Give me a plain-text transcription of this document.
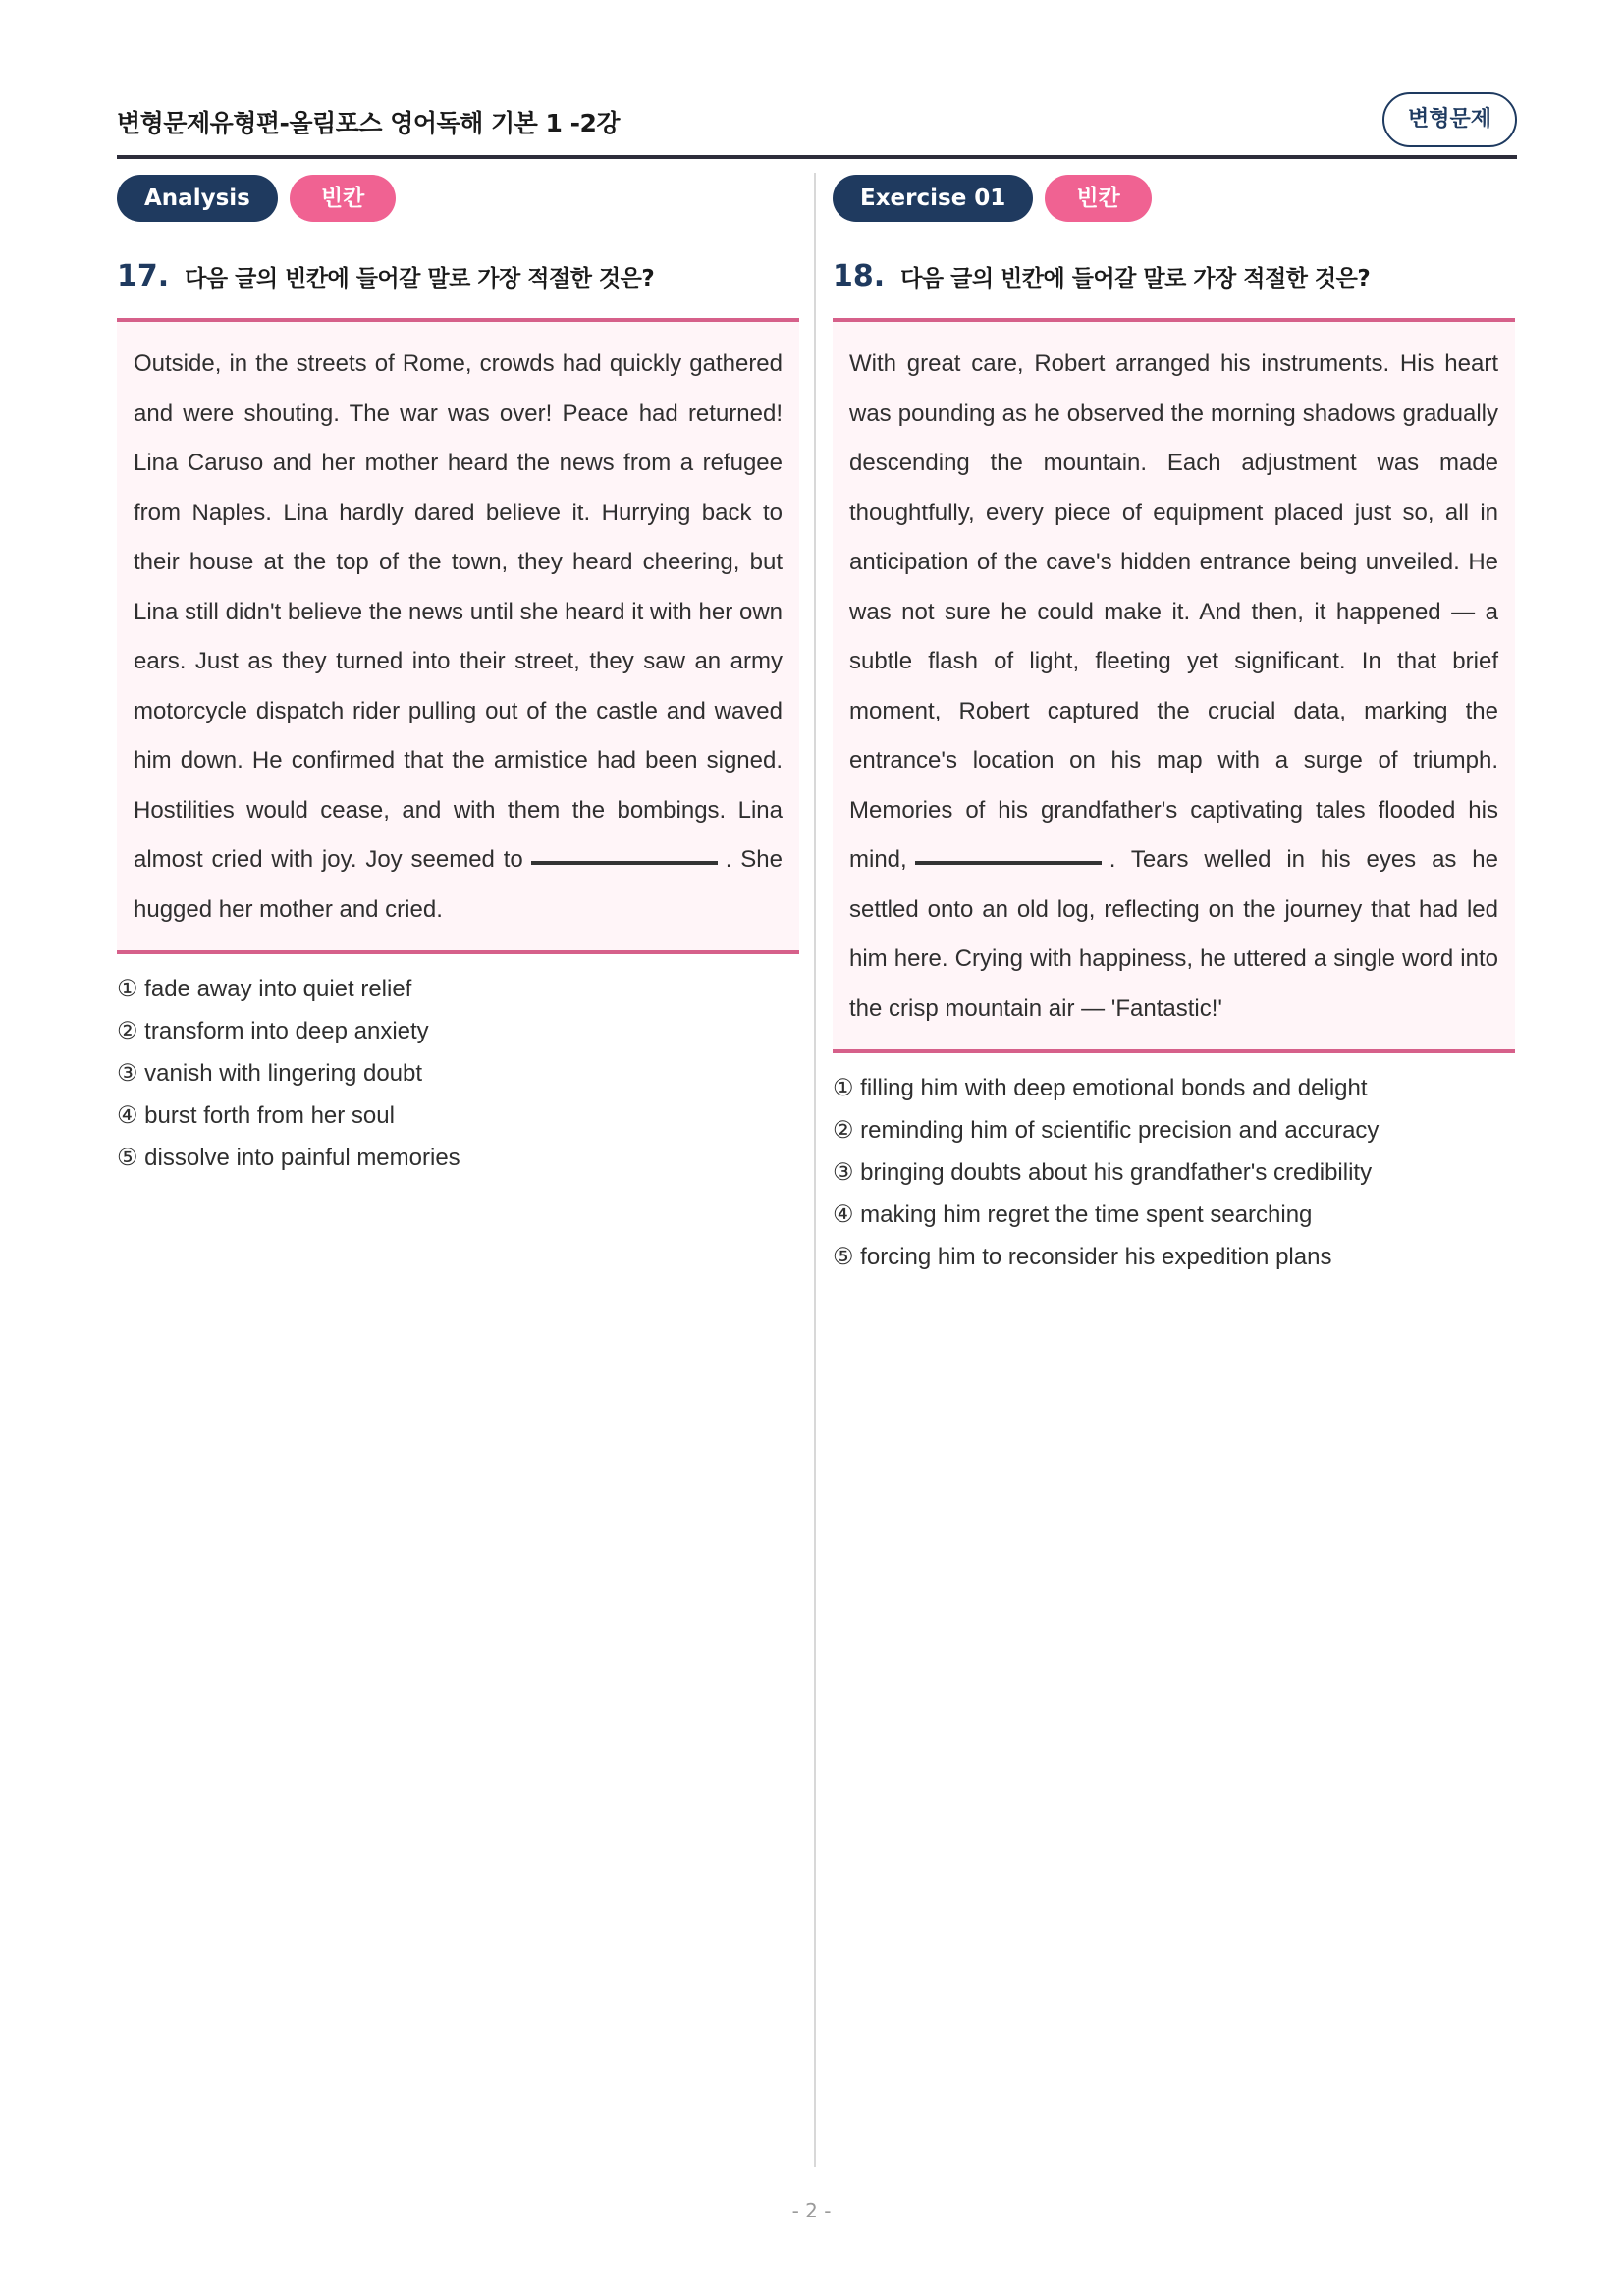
변형문제유형편-올림포스 영어독해 기본 1 -2강	변형문제
Analysis	빈칸
17. 다음 글의 빈칸에 들어갈 말로 가장 적절한 것은?

Outside, in the streets of Rome, crowds had quickly gathered and were shouting. The war was over! Peace had returned! Lina Caruso and her mother heard the news from a refugee from Naples. Lina hardly dared believe it. Hurrying back to their house at the top of the town, they heard cheering, but Lina still didn't believe the news until she heard it with her own ears. Just as they turned into their street, they saw an army motorcycle dispatch rider pulling out of the castle and waved him down. He confirmed that the armistice had been signed. Hostilities would cease, and with them the bombings. Lina almost cried with joy. Joy seemed to	. She hugged her mother and cried.

① fade away into quiet relief
② transform into deep anxiety
③ vanish with lingering doubt
④ burst forth from her soul
⑤ dissolve into painful memories
Exercise 01	빈칸
18. 다음 글의 빈칸에 들어갈 말로 가장 적절한 것은?

With great care, Robert arranged his instruments. His heart was pounding as he observed the morning shadows gradually descending the mountain. Each adjustment was made thoughtfully, every piece of equipment placed just so, all in anticipation of the cave's hidden entrance being unveiled. He was not sure he could make it. And then, it happened — a subtle flash of light, fleeting yet significant. In that brief moment, Robert captured the crucial data, marking the entrance's location on his map with a surge of triumph. Memories of his grandfather's captivating tales flooded his mind,	. Tears welled in his eyes as he settled onto an old log, reflecting on the journey that had led him here. Crying with happiness, he uttered a single word into the crisp mountain air — 'Fantastic!'

① filling him with deep emotional bonds and delight
② reminding him of scientific precision and accuracy
③ bringing doubts about his grandfather's credibility
④ making him regret the time spent searching
⑤ forcing him to reconsider his expedition plans
- 2 -
